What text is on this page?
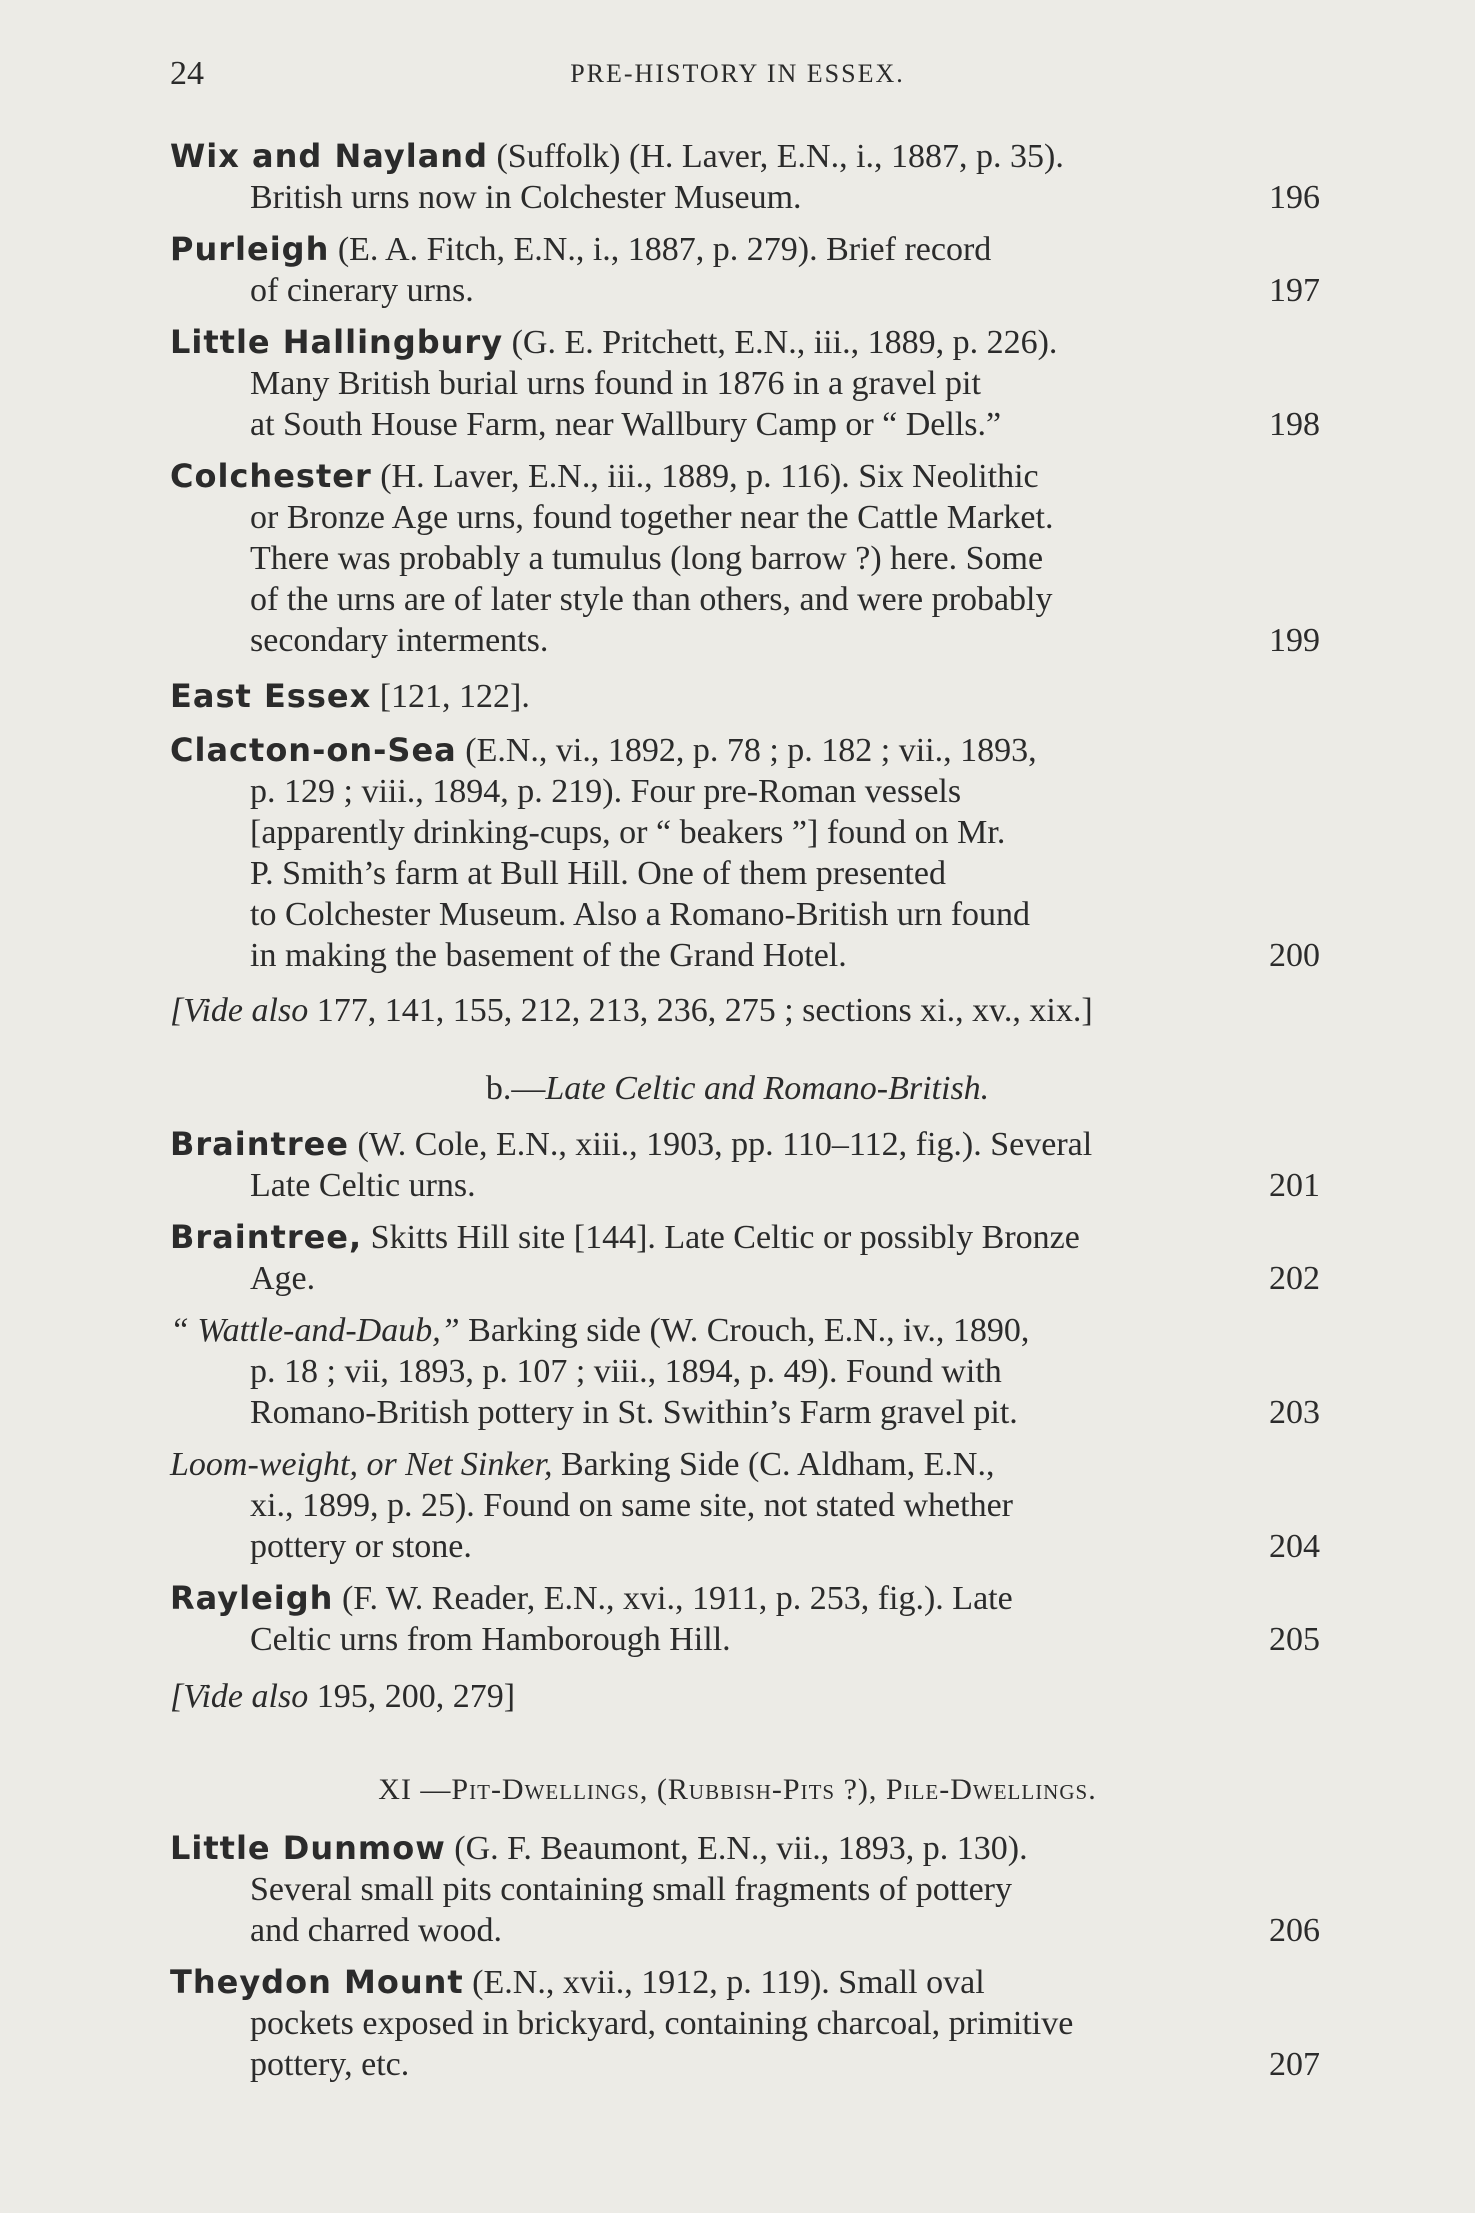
24	PRE-HISTORY IN ESSEX.
Wix and Nayland (Suffolk) (H. Laver, E.N., i., 1887, p. 35).
British urns now in Colchester Museum.	196
Purleigh (E. A. Fitch, E.N., i., 1887, p. 279). Brief record
of cinerary urns.	197
Little Hallingbury (G. E. Pritchett, E.N., iii., 1889, p. 226).
Many British burial urns found in 1876 in a gravel pit
at South House Farm, near Wallbury Camp or “ Dells.”	198
Colchester (H. Laver, E.N., iii., 1889, p. 116). Six Neolithic
or Bronze Age urns, found together near the Cattle Market.
There was probably a tumulus (long barrow ?) here. Some
of the urns are of later style than others, and were probably
secondary interments.	199
East Essex [121, 122].
Clacton-on-Sea (E.N., vi., 1892, p. 78 ; p. 182 ; vii., 1893,
p. 129 ; viii., 1894, p. 219). Four pre-Roman vessels
[apparently drinking-cups, or “ beakers ”] found on Mr.
P. Smith’s farm at Bull Hill. One of them presented
to Colchester Museum. Also a Romano-British urn found
in making the basement of the Grand Hotel.	200
[Vide also 177, 141, 155, 212, 213, 236, 275 ; sections xi., xv., xix.]
b.—Late Celtic and Romano-British.
Braintree (W. Cole, E.N., xiii., 1903, pp. 110–112, fig.). Several
Late Celtic urns.	201
Braintree, Skitts Hill site [144]. Late Celtic or possibly Bronze
Age.	202
“ Wattle-and-Daub,” Barking side (W. Crouch, E.N., iv., 1890,
p. 18 ; vii, 1893, p. 107 ; viii., 1894, p. 49). Found with
Romano-British pottery in St. Swithin’s Farm gravel pit.	203
Loom-weight, or Net Sinker, Barking Side (C. Aldham, E.N.,
xi., 1899, p. 25). Found on same site, not stated whether
pottery or stone.	204
Rayleigh (F. W. Reader, E.N., xvi., 1911, p. 253, fig.). Late
Celtic urns from Hamborough Hill.	205
[Vide also 195, 200, 279]
XI —Pit-Dwellings, (Rubbish-Pits ?), Pile-Dwellings.
Little Dunmow (G. F. Beaumont, E.N., vii., 1893, p. 130).
Several small pits containing small fragments of pottery
and charred wood.	206
Theydon Mount (E.N., xvii., 1912, p. 119). Small oval
pockets exposed in brickyard, containing charcoal, primitive
pottery, etc.	207
